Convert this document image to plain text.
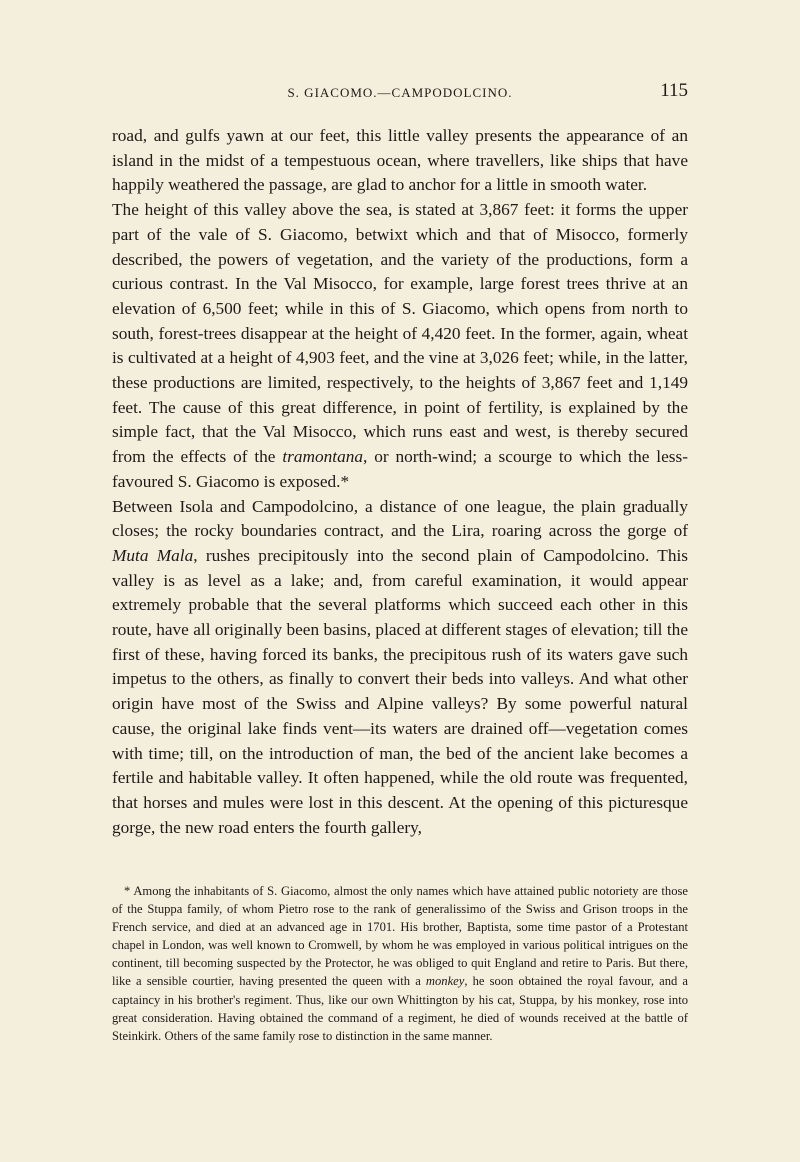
S. GIACOMO.—CAMPODOLCINO.	115

road, and gulfs yawn at our feet, this little valley presents the appearance of an island in the midst of a tempestuous ocean, where travellers, like ships that have happily weathered the passage, are glad to anchor for a little in smooth water.

The height of this valley above the sea, is stated at 3,867 feet: it forms the upper part of the vale of S. Giacomo, betwixt which and that of Misocco, formerly described, the powers of vegetation, and the variety of the productions, form a curious contrast. In the Val Misocco, for example, large forest trees thrive at an elevation of 6,500 feet; while in this of S. Giacomo, which opens from north to south, forest-trees disappear at the height of 4,420 feet. In the former, again, wheat is cultivated at a height of 4,903 feet, and the vine at 3,026 feet; while, in the latter, these productions are limited, respectively, to the heights of 3,867 feet and 1,149 feet. The cause of this great difference, in point of fertility, is explained by the simple fact, that the Val Misocco, which runs east and west, is thereby secured from the effects of the tramontana, or north-wind; a scourge to which the less-favoured S. Giacomo is exposed.*

Between Isola and Campodolcino, a distance of one league, the plain gradually closes; the rocky boundaries contract, and the Lira, roaring across the gorge of Muta Mala, rushes precipitously into the second plain of Campodolcino. This valley is as level as a lake; and, from careful examination, it would appear extremely probable that the several platforms which succeed each other in this route, have all originally been basins, placed at different stages of elevation; till the first of these, having forced its banks, the precipitous rush of its waters gave such impetus to the others, as finally to convert their beds into valleys. And what other origin have most of the Swiss and Alpine valleys? By some powerful natural cause, the original lake finds vent—its waters are drained off—vegetation comes with time; till, on the introduction of man, the bed of the ancient lake becomes a fertile and habitable valley. It often happened, while the old route was frequented, that horses and mules were lost in this descent. At the opening of this picturesque gorge, the new road enters the fourth gallery,

* Among the inhabitants of S. Giacomo, almost the only names which have attained public notoriety are those of the Stuppa family, of whom Pietro rose to the rank of generalissimo of the Swiss and Grison troops in the French service, and died at an advanced age in 1701. His brother, Baptista, some time pastor of a Protestant chapel in London, was well known to Cromwell, by whom he was employed in various political intrigues on the continent, till becoming suspected by the Protector, he was obliged to quit England and retire to Paris. But there, like a sensible courtier, having presented the queen with a monkey, he soon obtained the royal favour, and a captaincy in his brother's regiment. Thus, like our own Whittington by his cat, Stuppa, by his monkey, rose into great consideration. Having obtained the command of a regiment, he died of wounds received at the battle of Steinkirk. Others of the same family rose to distinction in the same manner.
